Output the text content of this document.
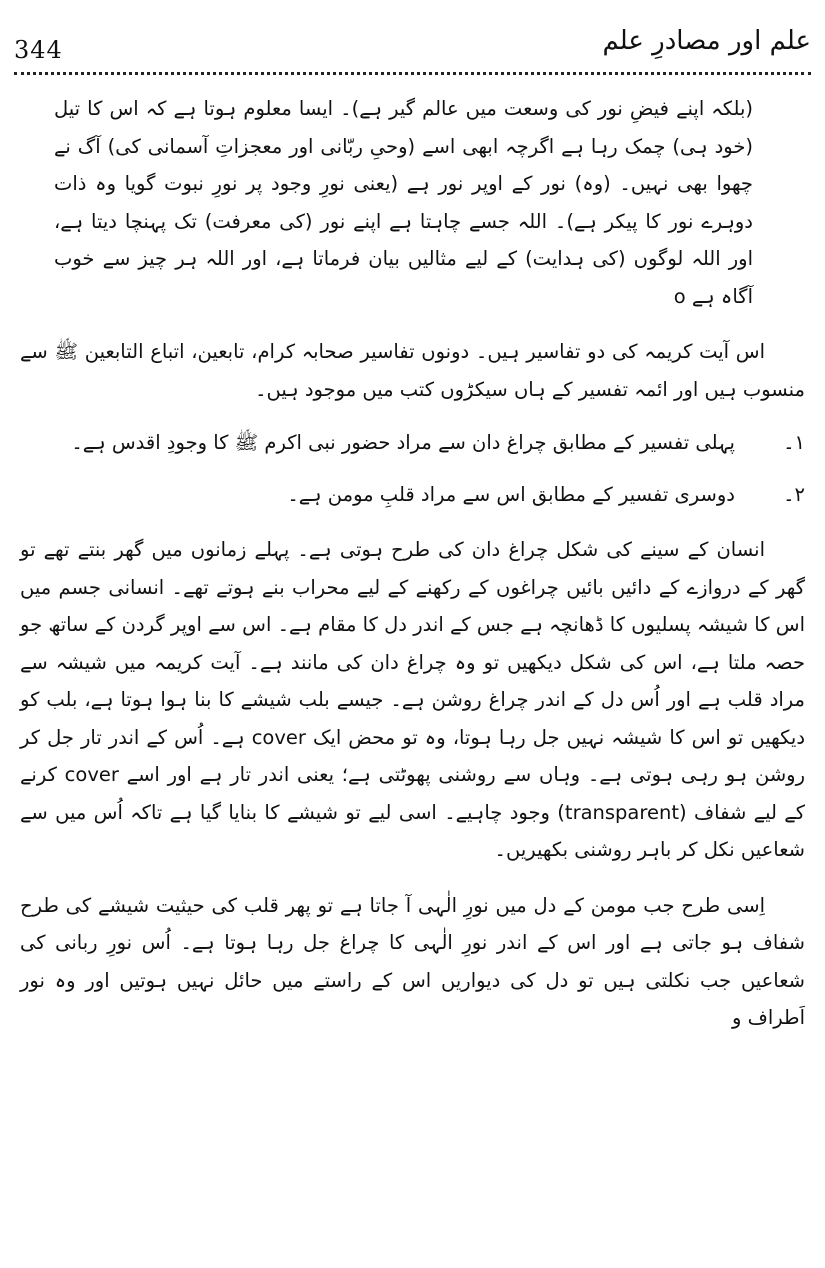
344	علم اور مصادرِ علم

(بلکہ اپنے فیضِ نور کی وسعت میں عالم گیر ہے)۔ ایسا معلوم ہوتا ہے کہ اس کا تیل (خود ہی) چمک رہا ہے اگرچہ ابھی اسے (وحیِ ربّانی اور معجزاتِ آسمانی کی) آگ نے چھوا بھی نہیں۔ (وہ) نور کے اوپر نور ہے (یعنی نورِ وجود پر نورِ نبوت گویا وہ ذات دوہرے نور کا پیکر ہے)۔ اللہ جسے چاہتا ہے اپنے نور (کی معرفت) تک پہنچا دیتا ہے، اور اللہ لوگوں (کی ہدایت) کے لیے مثالیں بیان فرماتا ہے، اور اللہ ہر چیز سے خوب آگاہ ہے o

اس آیت کریمہ کی دو تفاسیر ہیں۔ دونوں تفاسیر صحابہ کرام، تابعین، اتباع التابعین ﷺ سے منسوب ہیں اور ائمہ تفسیر کے ہاں سیکڑوں کتب میں موجود ہیں۔

۱۔
پہلی تفسیر کے مطابق چراغ دان سے مراد حضور نبی اکرم ﷺ کا وجودِ اقدس ہے۔
۲۔
دوسری تفسیر کے مطابق اس سے مراد قلبِ مومن ہے۔

انسان کے سینے کی شکل چراغ دان کی طرح ہوتی ہے۔ پہلے زمانوں میں گھر بنتے تھے تو گھر کے دروازے کے دائیں بائیں چراغوں کے رکھنے کے لیے محراب بنے ہوتے تھے۔ انسانی جسم میں اس کا شیشہ پسلیوں کا ڈھانچہ ہے جس کے اندر دل کا مقام ہے۔ اس سے اوپر گردن کے ساتھ جو حصہ ملتا ہے، اس کی شکل دیکھیں تو وہ چراغ دان کی مانند ہے۔ آیت کریمہ میں شیشہ سے مراد قلب ہے اور اُس دل کے اندر چراغ روشن ہے۔ جیسے بلب شیشے کا بنا ہوا ہوتا ہے، بلب کو دیکھیں تو اس کا شیشہ نہیں جل رہا ہوتا، وہ تو محض ایک cover ہے۔ اُس کے اندر تار جل کر روشن ہو رہی ہوتی ہے۔ وہاں سے روشنی پھوٹتی ہے؛ یعنی اندر تار ہے اور اسے cover کرنے کے لیے شفاف (transparent) وجود چاہیے۔ اسی لیے تو شیشے کا بنایا گیا ہے تاکہ اُس میں سے شعاعیں نکل کر باہر روشنی بکھیریں۔

اِسی طرح جب مومن کے دل میں نورِ الٰہی آ جاتا ہے تو پھر قلب کی حیثیت شیشے کی طرح شفاف ہو جاتی ہے اور اس کے اندر نورِ الٰہی کا چراغ جل رہا ہوتا ہے۔ اُس نورِ ربانی کی شعاعیں جب نکلتی ہیں تو دل کی دیواریں اس کے راستے میں حائل نہیں ہوتیں اور وہ نور اَطراف و
